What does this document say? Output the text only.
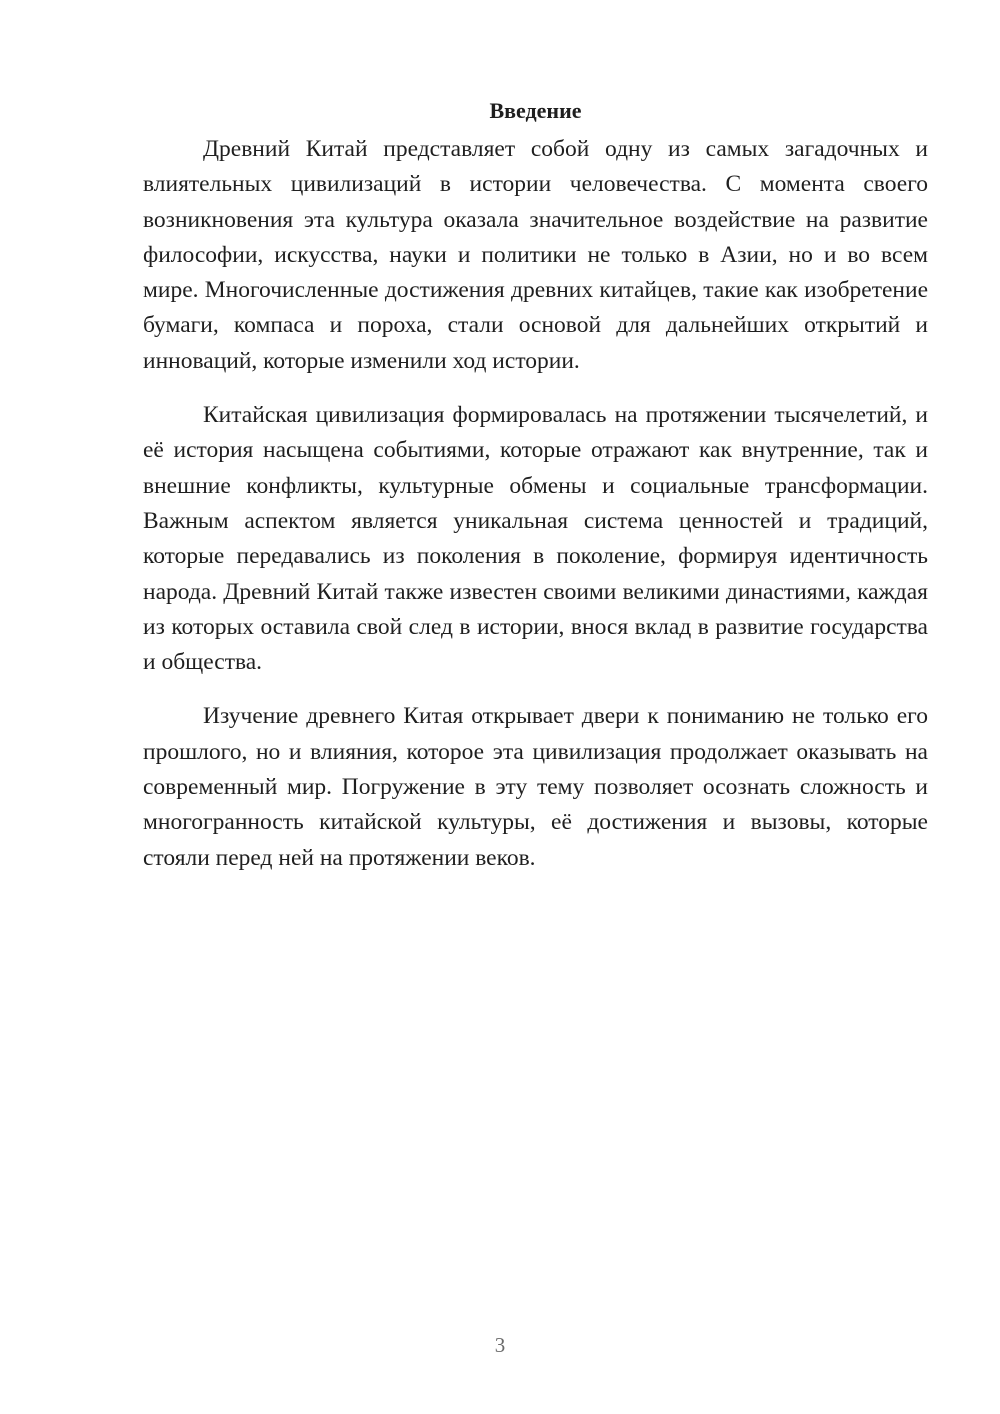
Введение

Древний Китай представляет собой одну из самых загадочных и влиятельных цивилизаций в истории человечества. С момента своего возникновения эта культура оказала значительное воздействие на развитие философии, искусства, науки и политики не только в Азии, но и во всем мире. Многочисленные достижения древних китайцев, такие как изобретение бумаги, компаса и пороха, стали основой для дальнейших открытий и инноваций, которые изменили ход истории.

Китайская цивилизация формировалась на протяжении тысячелетий, и её история насыщена событиями, которые отражают как внутренние, так и внешние конфликты, культурные обмены и социальные трансформации. Важным аспектом является уникальная система ценностей и традиций, которые передавались из поколения в поколение, формируя идентичность народа. Древний Китай также известен своими великими династиями, каждая из которых оставила свой след в истории, внося вклад в развитие государства и общества.

Изучение древнего Китая открывает двери к пониманию не только его прошлого, но и влияния, которое эта цивилизация продолжает оказывать на современный мир. Погружение в эту тему позволяет осознать сложность и многогранность китайской культуры, её достижения и вызовы, которые стояли перед ней на протяжении веков.

3
